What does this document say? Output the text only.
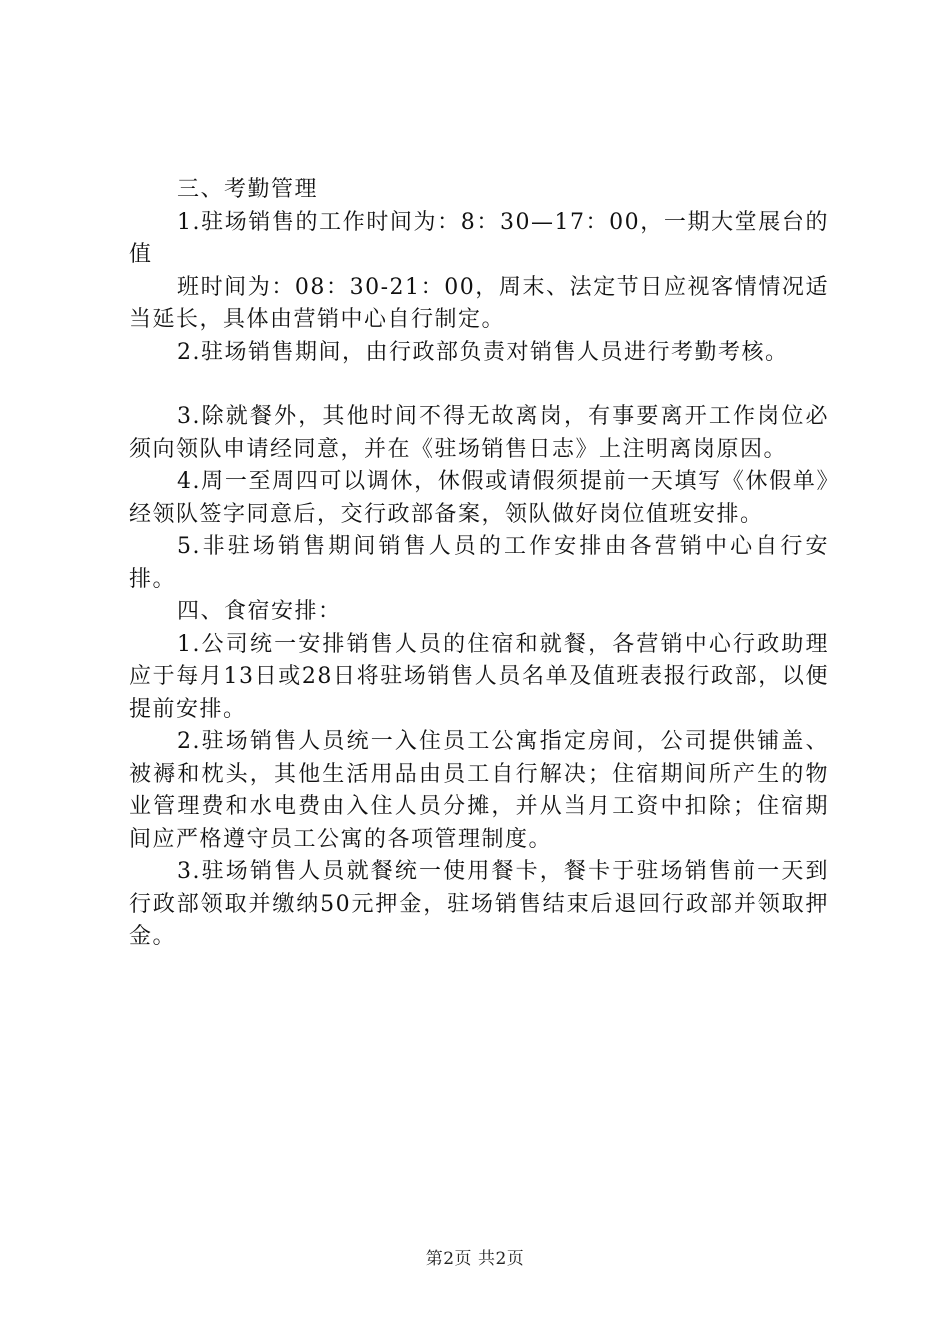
三、考勤管理

1.驻场销售的工作时间为：8：30—17：00，一期大堂展台的值

班时间为：08：30-21：00，周末、法定节日应视客情情况适当延长，具体由营销中心自行制定。

2.驻场销售期间，由行政部负责对销售人员进行考勤考核。

3.除就餐外，其他时间不得无故离岗，有事要离开工作岗位必须向领队申请经同意，并在《驻场销售日志》上注明离岗原因。

4.周一至周四可以调休，休假或请假须提前一天填写《休假单》经领队签字同意后，交行政部备案，领队做好岗位值班安排。

5.非驻场销售期间销售人员的工作安排由各营销中心自行安排。

四、食宿安排：

1.公司统一安排销售人员的住宿和就餐，各营销中心行政助理应于每月13日或28日将驻场销售人员名单及值班表报行政部，以便提前安排。

2.驻场销售人员统一入住员工公寓指定房间，公司提供铺盖、被褥和枕头，其他生活用品由员工自行解决；住宿期间所产生的物业管理费和水电费由入住人员分摊，并从当月工资中扣除；住宿期间应严格遵守员工公寓的各项管理制度。

3.驻场销售人员就餐统一使用餐卡，餐卡于驻场销售前一天到行政部领取并缴纳50元押金，驻场销售结束后退回行政部并领取押金。

第2页 共2页
